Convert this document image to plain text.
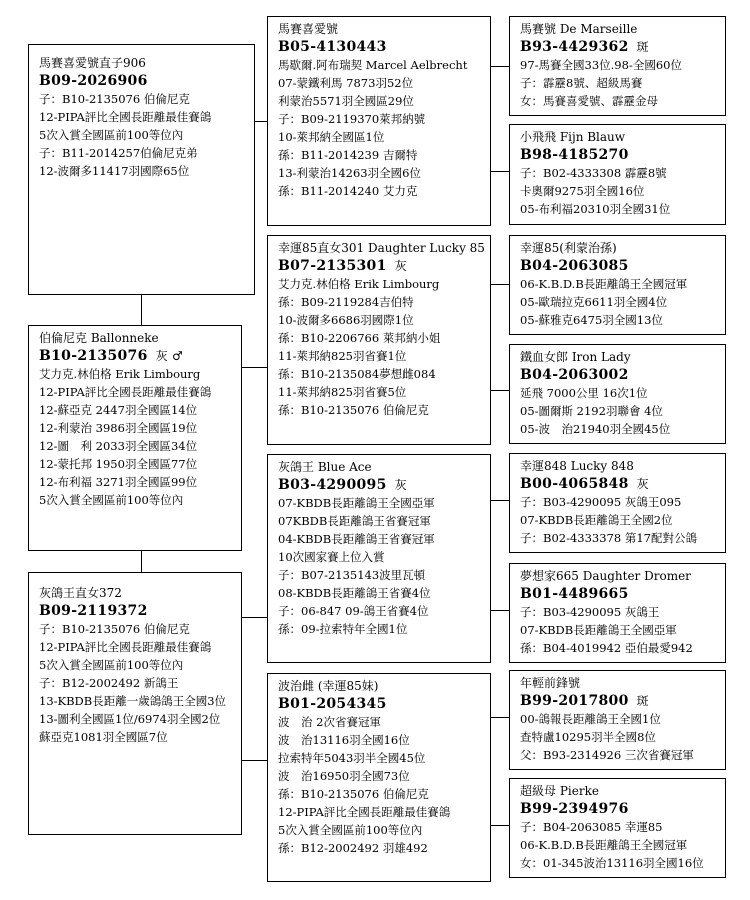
馬賽喜愛號直子906
B09-2026906
子：B10-2135076 伯倫尼克
12-PIPA評比全國長距離最佳賽鴿
5次入賞全國區前100等位內
子：B11-2014257伯倫尼克弟
12-波爾多11417羽國際65位
伯倫尼克 Ballonneke
B10-2135076 灰 ♂
艾力克.林伯格 Erik Limbourg
12-PIPA評比全國長距離最佳賽鴿
12-蘇亞克 2447羽全國區14位
12-利蒙治 3986羽全國區19位
12-圖　利 2033羽全國區34位
12-蒙托邦 1950羽全國區77位
12-布利福 3271羽全國區99位
5次入賞全國區前100等位內
灰鴿王直女372
B09-2119372
子：B10-2135076 伯倫尼克
12-PIPA評比全國長距離最佳賽鴿
5次入賞全國區前100等位內
子：B12-2002492 新鴿王
13-KBDB長距離一歲鴿鴿王全國3位
13-圖利全國區1位/6974羽全國2位
蘇亞克1081羽全國區7位
馬賽喜愛號
B05-4130443
馬歇爾.阿布瑞契 Marcel Aelbrecht
07-蒙鐵利馬 7873羽52位
利蒙治5571羽全國區29位
子：B09-2119370萊邦納號
10-萊邦納全國區1位
孫：B11-2014239 吉爾特
13-利蒙治14263羽全國6位
孫：B11-2014240 艾力克
幸運85直女301 Daughter Lucky 85
B07-2135301 灰
艾力克.林伯格 Erik Limbourg
孫：B09-2119284吉伯特
10-波爾多6686羽國際1位
孫：B10-2206766 萊邦納小姐
11-萊邦納825羽省賽1位
孫：B10-2135084夢想雌084
11-萊邦納825羽省賽5位
孫：B10-2135076 伯倫尼克
灰鴿王 Blue Ace
B03-4290095 灰
07-KBDB長距離鴿王全國亞軍
07KBDB長距離鴿王省賽冠軍
04-KBDB長距離鴿王省賽冠軍
10次國家賽上位入賞
子：B07-2135143波里瓦頓
08-KBDB長距離鴿王省賽4位
子：06-847 09-鴿王省賽4位
孫：09-拉索特年全國1位
波治雌 (幸運85妹)
B01-2054345
波　治 2次省賽冠軍
波　治13116羽全國16位
拉索特年5043羽半全國45位
波　治16950羽全國73位
孫：B10-2135076 伯倫尼克
12-PIPA評比全國長距離最佳賽鴿
5次入賞全國區前100等位內
孫：B12-2002492 羽雄492
馬賽號 De Marseille
B93-4429362 斑
97-馬賽全國33位.98-全國60位
子：霹靂8號、超級馬賽
女：馬賽喜愛號、霹靂金母
小飛飛 Fijn Blauw
B98-4185270
子：B02-4333308 霹靂8號
卡奧爾9275羽全國16位
05-布利福20310羽全國31位
幸運85(利蒙治孫)
B04-2063085
06-K.B.D.B長距離鴿王全國冠軍
05-歐瑞拉克6611羽全國4位
05-蘇雅克6475羽全國13位
鐵血女郎 Iron Lady
B04-2063002
延飛 7000公里 16次1位
05-圖爾斯 2192羽聯會 4位
05-波　治21940羽全國45位
幸運848 Lucky 848
B00-4065848 灰
子：B03-4290095 灰鴿王095
07-KBDB長距離鴿王全國2位
子：B02-4333378 第17配對公鴿
夢想家665 Daughter Dromer
B01-4489665
子：B03-4290095 灰鴿王
07-KBDB長距離鴿王全國亞軍
孫：B04-4019942 亞伯最愛942
年輕前鋒號
B99-2017800 斑
00-鴿報長距離鴿王全國1位
查特盧10295羽半全國8位
父：B93-2314926 三次省賽冠軍
超級母 Pierke
B99-2394976
子：B04-2063085 幸運85
06-K.B.D.B長距離鴿王全國冠軍
女：01-345波治13116羽全國16位
